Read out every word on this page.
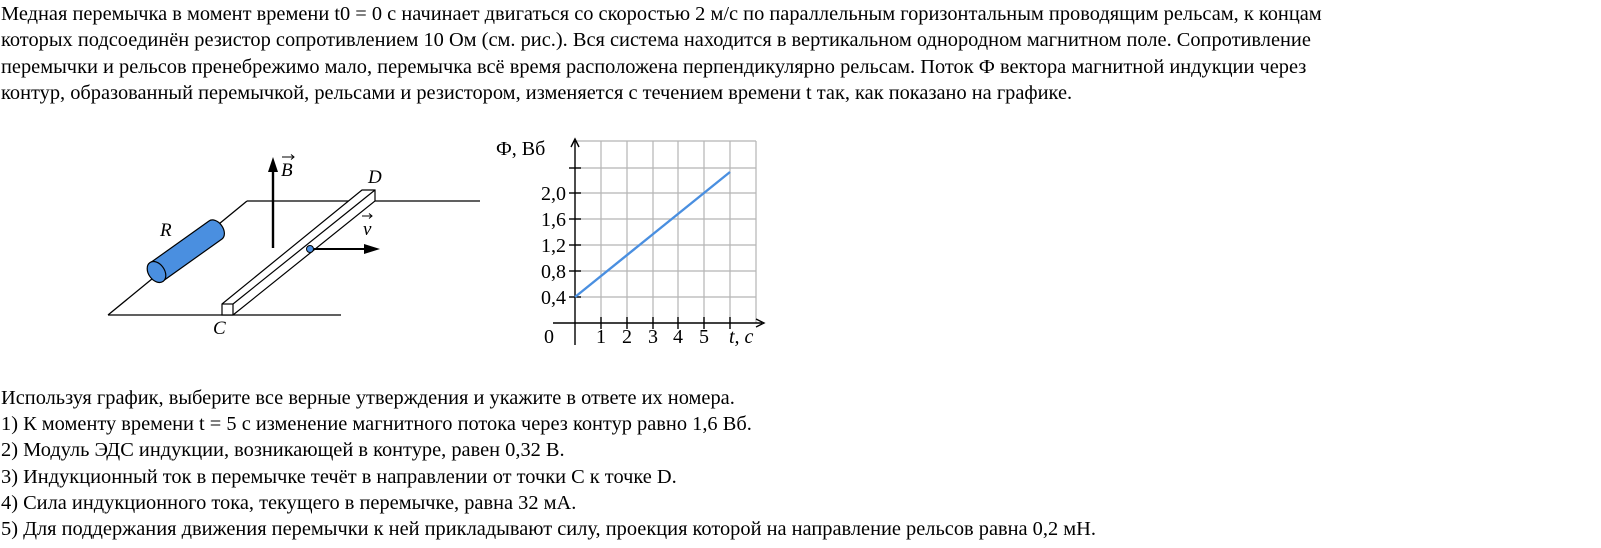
Медная перемычка в момент времени t0 = 0 с начинает двигаться со скоростью 2 м/с по параллельным горизонтальным проводящим рельсам, к концам
которых подсоединён резистор сопротивлением 10 Ом (см. рис.). Вся система находится в вертикальном однородном магнитном поле. Сопротивление
перемычки и рельсов пренебрежимо мало, перемычка всё время расположена перпендикулярно рельсам. Поток Ф вектора магнитной индукции через
контур, образованный перемычкой, рельсами и резистором, изменяется с течением времени t так, как показано на графике.
B
v
R
C
D
Ф, Вб
2,0
1,6
1,2
0,8
0,4
0 1 2 3 4 5 t, c
Используя график, выберите все верные утверждения и укажите в ответе их номера.
1) К моменту времени t = 5 с изменение магнитного потока через контур равно 1,6 Вб.
2) Модуль ЭДС индукции, возникающей в контуре, равен 0,32 В.
3) Индукционный ток в перемычке течёт в направлении от точки C к точке D.
4) Сила индукционного тока, текущего в перемычке, равна 32 мА.
5) Для поддержания движения перемычки к ней прикладывают силу, проекция которой на направление рельсов равна 0,2 мН.
